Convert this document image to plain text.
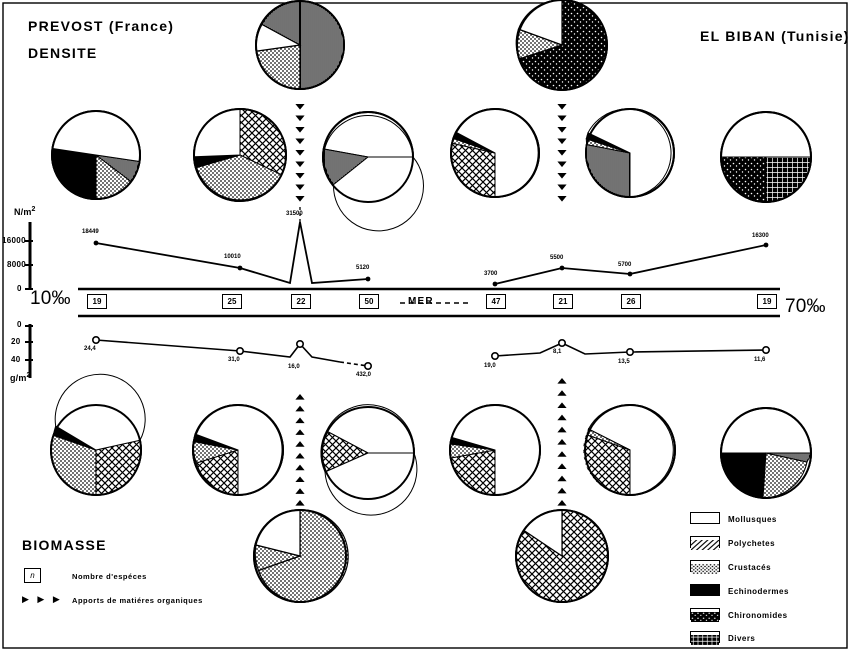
PREVOST (France)
EL BIBAN (Tunisie)
DENSITE
BIOMASSE
$N/m^2$
16000
8000
0
0
20
40
$g/m^2$
10‰	70‰
MER
19	25	22	50	47	21	26	19
18449
10010
31500
5120
3700
5500
5700
16300
24,4
31,0
16,0
432,0
19,0
8,1
13,5	11,6
n	Nombre d'espéces
▶ ▶ ▶ Apports de matiéres organiques
Mollusques
Polychetes
Crustacés
Echinodermes
Chironomides
Divers
